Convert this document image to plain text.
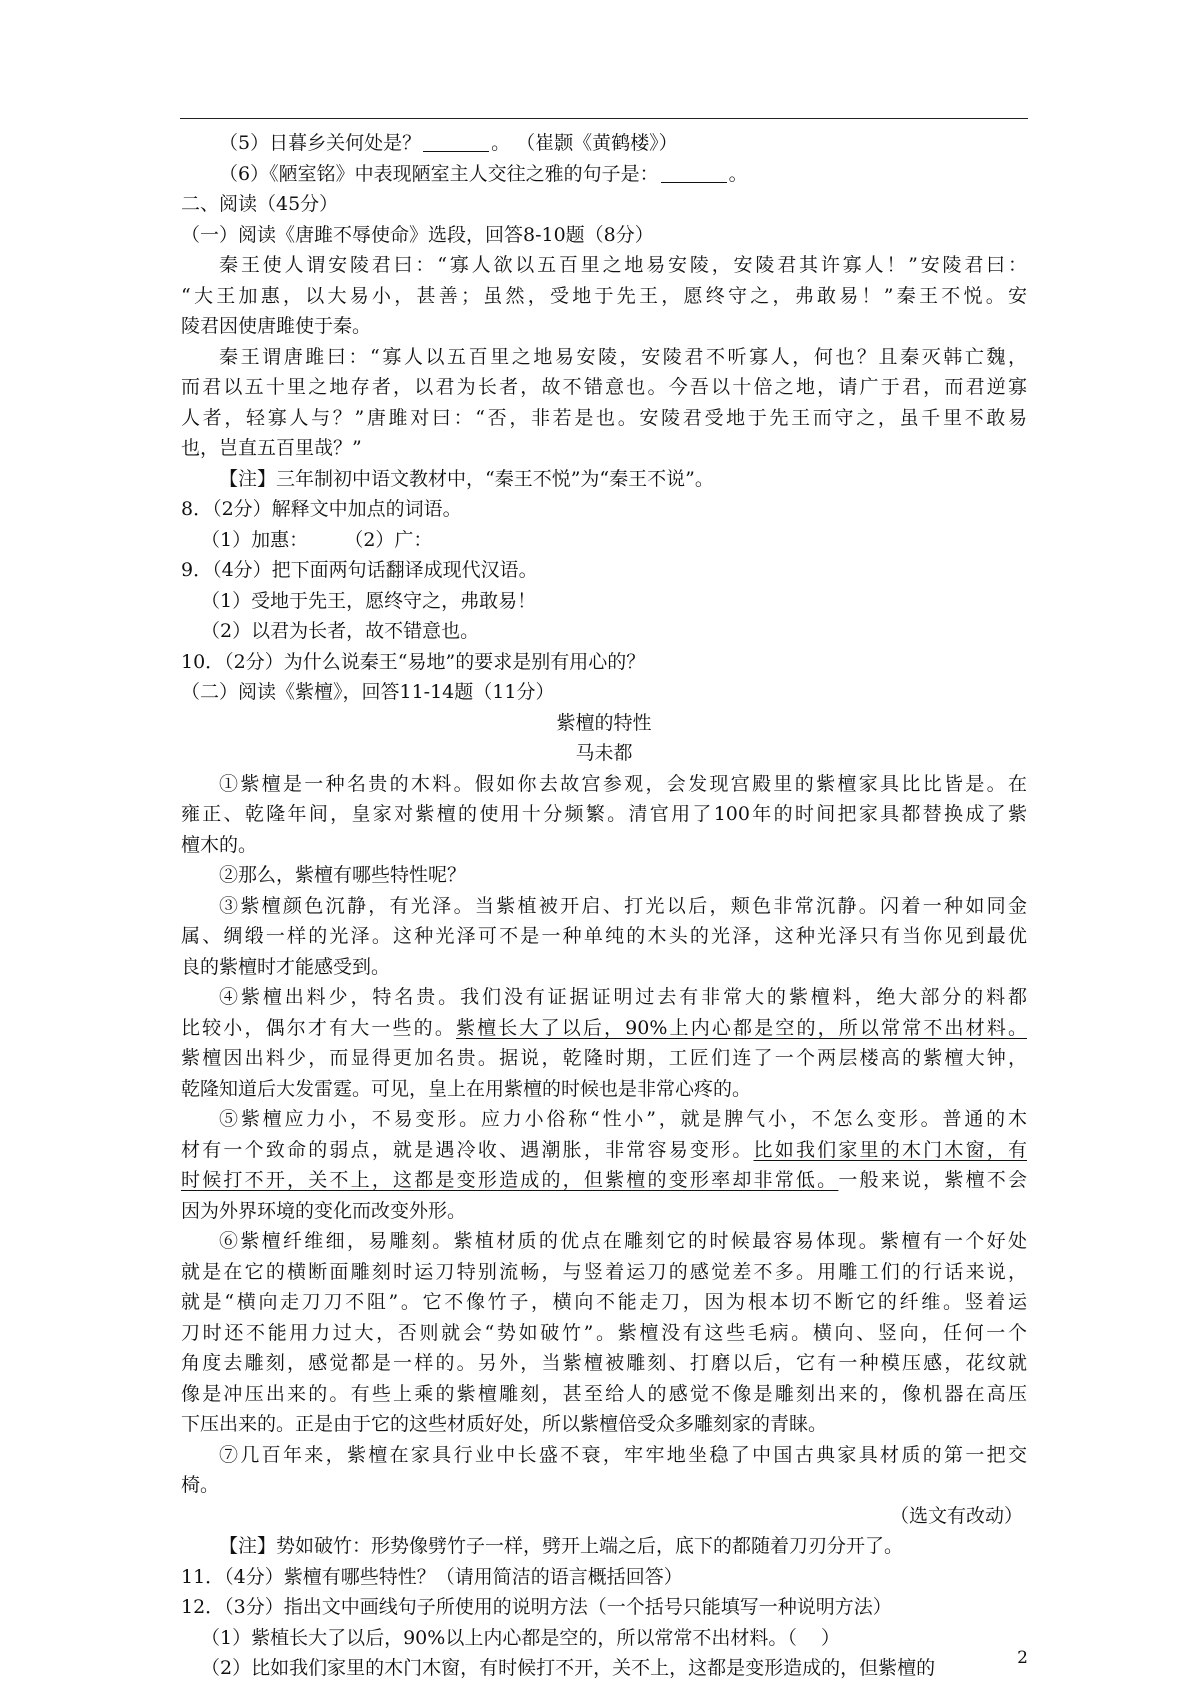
（5）日暮乡关何处是？	。 （崔颢《黄鹤楼》）
（6）《陋室铭》中表现陋室主人交往之雅的句子是：	。
二、阅读（45分）
（一）阅读《唐雎不辱使命》选段，回答8-10题（8分）
秦王使人谓安陵君曰：“寡人欲以五百里之地易安陵，安陵君其许寡人！”安陵君曰：
“大王加惠，以大易小，甚善；虽然，受地于先王，愿终守之，弗敢易！”秦王不悦。安
陵君因使唐雎使于秦。
秦王谓唐雎曰：“寡人以五百里之地易安陵，安陵君不听寡人，何也？且秦灭韩亡魏，
而君以五十里之地存者，以君为长者，故不错意也。今吾以十倍之地，请广于君，而君逆寡
人者，轻寡人与？”唐雎对曰：“否，非若是也。安陵君受地于先王而守之，虽千里不敢易
也，岂直五百里哉？”
【注】三年制初中语文教材中，“秦王不悦”为“秦王不说”。
8．（2分）解释文中加点的词语。
（1）加惠：      （2）广：
9．（4分）把下面两句话翻译成现代汉语。
（1）受地于先王，愿终守之，弗敢易！
（2）以君为长者，故不错意也。
10．（2分）为什么说秦王“易地”的要求是别有用心的？
（二）阅读《紫檀》，回答11-14题（11分）
紫檀的特性
马未都
①紫檀是一种名贵的木料。假如你去故宫参观，会发现宫殿里的紫檀家具比比皆是。在
雍正、乾隆年间，皇家对紫檀的使用十分频繁。清官用了100年的时间把家具都替换成了紫
檀木的。
②那么，紫檀有哪些特性呢？
③紫檀颜色沉静，有光泽。当紫植被开启、打光以后，颊色非常沉静。闪着一种如同金
属、绸缎一样的光泽。这种光泽可不是一种单纯的木头的光泽，这种光泽只有当你见到最优
良的紫檀时才能感受到。
④紫檀出料少，特名贵。我们没有证据证明过去有非常大的紫檀料，绝大部分的料都
比较小，偶尔才有大一些的。紫檀长大了以后，90%上内心都是空的，所以常常不出材料。
紫檀因出料少，而显得更加名贵。据说，乾隆时期，工匠们连了一个两层楼高的紫檀大钟，
乾隆知道后大发雷霆。可见，皇上在用紫檀的时候也是非常心疼的。
⑤紫檀应力小，不易变形。应力小俗称“性小”，就是脾气小，不怎么变形。普通的木
材有一个致命的弱点，就是遇冷收、遇潮胀，非常容易变形。比如我们家里的木门木窗，有
时候打不开，关不上，这都是变形造成的，但紫檀的变形率却非常低。一般来说，紫檀不会
因为外界环境的变化而改变外形。
⑥紫檀纤维细，易雕刻。紫植材质的优点在雕刻它的时候最容易体现。紫檀有一个好处
就是在它的横断面雕刻时运刀特别流畅，与竖着运刀的感觉差不多。用雕工们的行话来说，
就是“横向走刀刀不阻”。它不像竹子，横向不能走刀，因为根本切不断它的纤维。竖着运
刀时还不能用力过大，否则就会“势如破竹”。紫檀没有这些毛病。横向、竖向，任何一个
角度去雕刻，感觉都是一样的。另外，当紫檀被雕刻、打磨以后，它有一种模压感，花纹就
像是冲压出来的。有些上乘的紫檀雕刻，甚至给人的感觉不像是雕刻出来的，像机器在高压
下压出来的。正是由于它的这些材质好处，所以紫檀倍受众多雕刻家的青睐。
⑦几百年来，紫檀在家具行业中长盛不衰，牢牢地坐稳了中国古典家具材质的第一把交
椅。
（选文有改动）
【注】势如破竹：形势像劈竹子一样，劈开上端之后，底下的都随着刀刃分开了。
11．（4分）紫檀有哪些特性？（请用简洁的语言概括回答）
12．（3分）指出文中画线句子所使用的说明方法（一个括号只能填写一种说明方法）
（1）紫植长大了以后，90%以上内心都是空的，所以常常不出材料。（    ）
（2）比如我们家里的木门木窗，有时候打不开，关不上，这都是变形造成的，但紫檀的	2
